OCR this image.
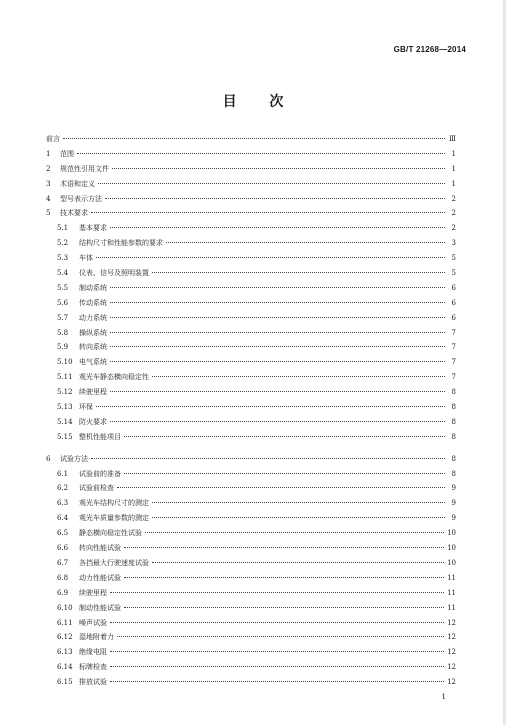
GB/T 21268—2014
目 次
前言	Ⅲ
1	范围	1
2	规范性引用文件	1
3	术语和定义	1
4	型号表示方法	2
5	技术要求	2
5.1	基本要求	2
5.2	结构尺寸和性能参数的要求	3
5.3	车体	5
5.4	仪表、信号及照明装置	5
5.5	制动系统	6
5.6	传动系统	6
5.7	动力系统	6
5.8	操纵系统	7
5.9	转向系统	7
5.10 电气系统	7
5.11 观光车静态横向稳定性	7
5.12 续驶里程	8
5.13 环保	8
5.14 防火要求	8
5.15 整机性能项目	8
6	试验方法	8
6.1	试验前的准备	8
6.2	试验前检查	9
6.3	观光车结构尺寸的测定	9
6.4	观光车质量参数的测定	9
6.5	静态横向稳定性试验	10
6.6	转向性能试验	10
6.7	各挡最大行驶速度试验	10
6.8	动力性能试验	11
6.9	续驶里程	11
6.10 制动性能试验	11
6.11 噪声试验	12
6.12 湿地附着力	12
6.13 绝缘电阻	12
6.14 标牌检查	12
6.15 排放试验	12
1
